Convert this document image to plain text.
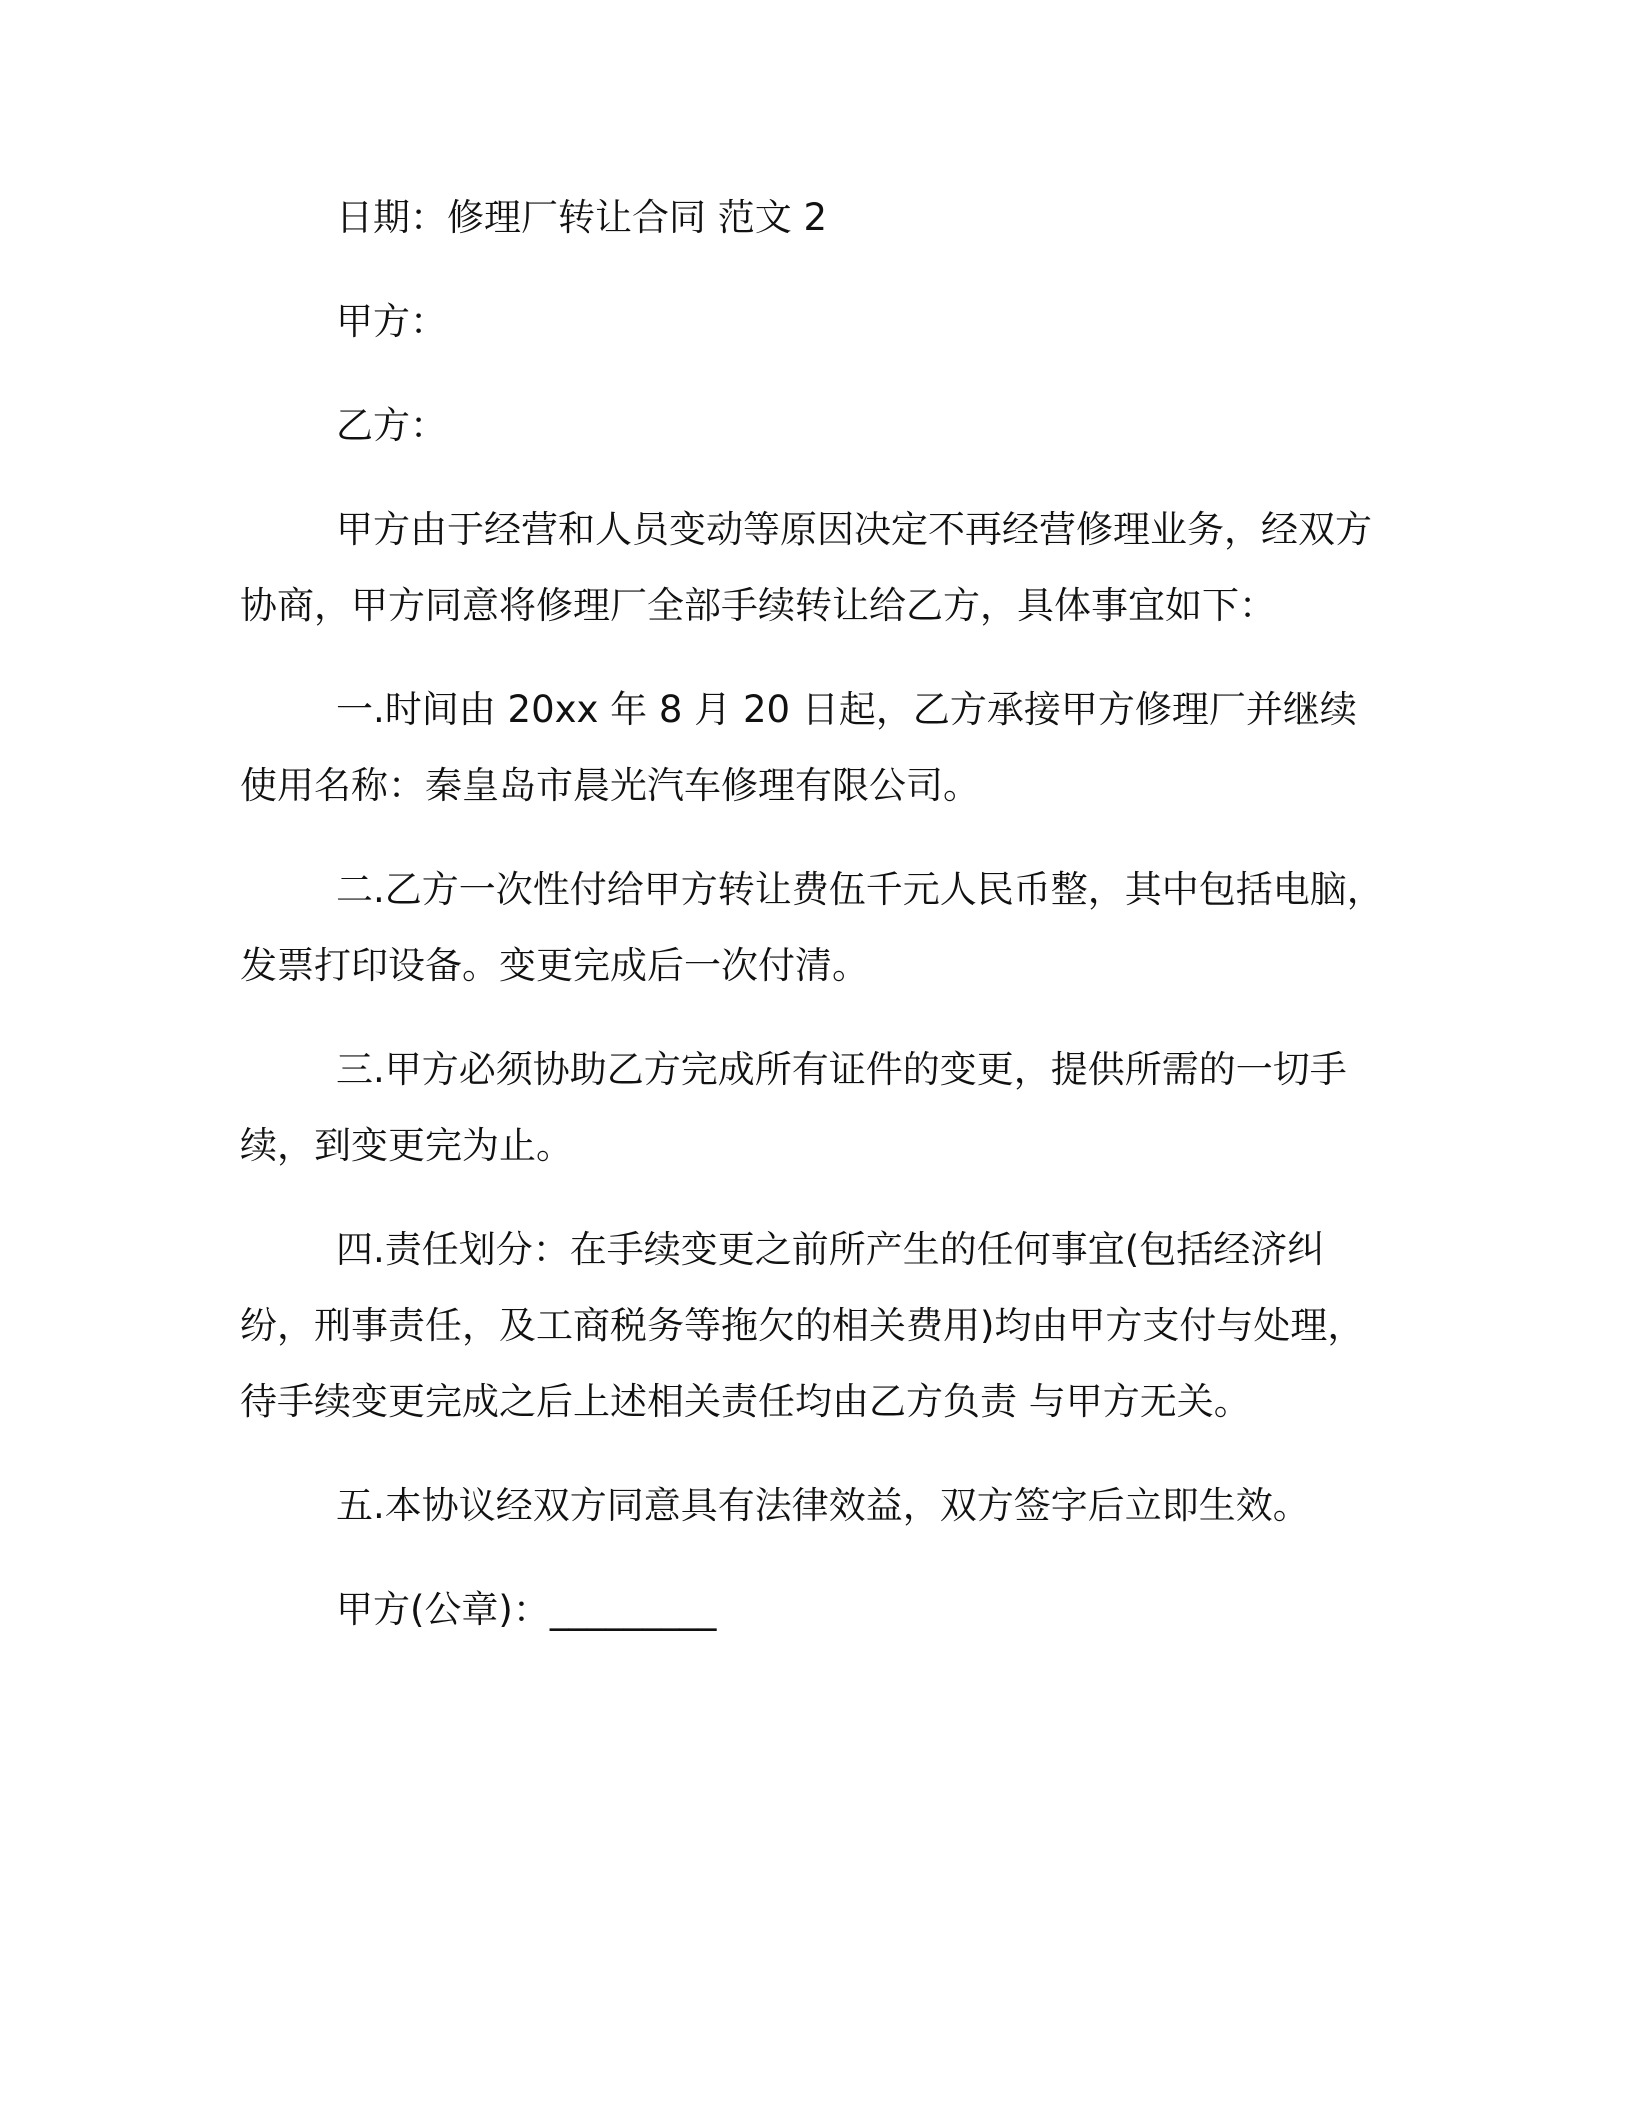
日期：修理厂转让合同 范文 2

甲方：

乙方：

甲方由于经营和人员变动等原因决定不再经营修理业务，经双方协商，甲方同意将修理厂全部手续转让给乙方，具体事宜如下：

一.时间由 20xx 年 8 月 20 日起，乙方承接甲方修理厂并继续使用名称：秦皇岛市晨光汽车修理有限公司。

二.乙方一次性付给甲方转让费伍千元人民币整，其中包括电脑，发票打印设备。变更完成后一次付清。

三.甲方必须协助乙方完成所有证件的变更，提供所需的一切手续，到变更完为止。

四.责任划分：在手续变更之前所产生的任何事宜(包括经济纠纷，刑事责任，及工商税务等拖欠的相关费用)均由甲方支付与处理，待手续变更完成之后上述相关责任均由乙方负责 与甲方无关。

五.本协议经双方同意具有法律效益，双方签字后立即生效。

甲方(公章)：_________
